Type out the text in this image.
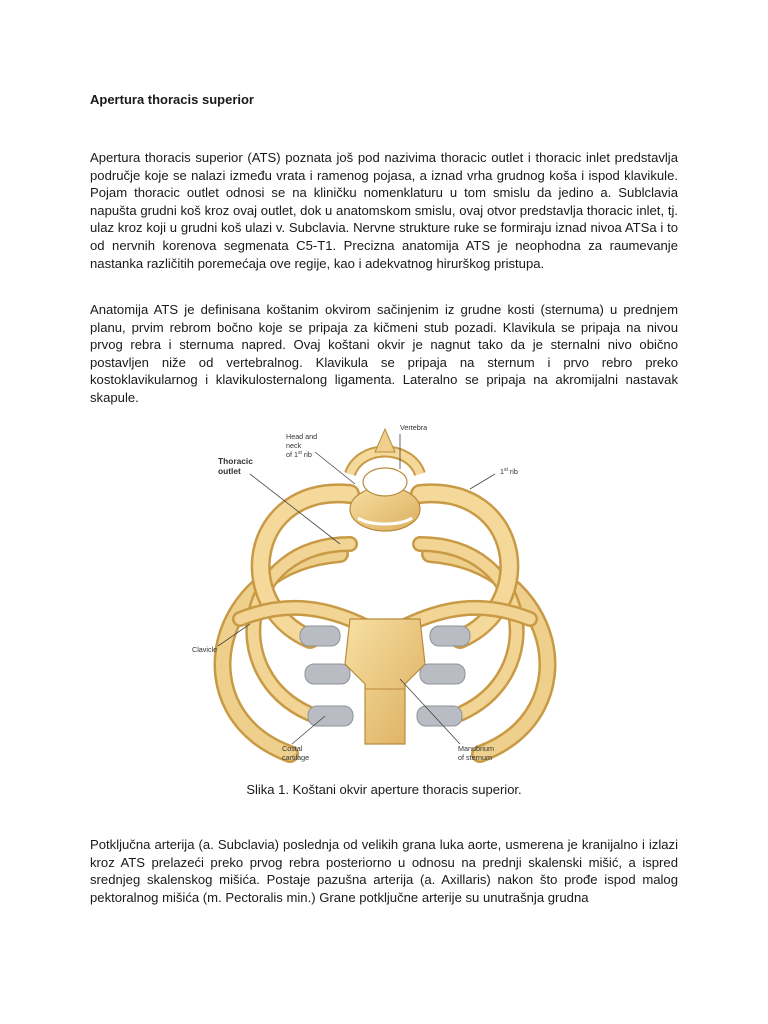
Apertura thoracis superior

Apertura thoracis superior (ATS) poznata još pod nazivima thoracic outlet i thoracic inlet predstavlja područje koje se nalazi između vrata i ramenog pojasa, a iznad vrha grudnog koša i ispod klavikule. Pojam thoracic outlet odnosi se na kliničku nomenklaturu u tom smislu da jedino a. Sublclavia napušta grudni koš kroz ovaj outlet, dok u anatomskom smislu, ovaj otvor predstavlja thoracic inlet, tj. ulaz kroz koji u grudni koš ulazi v. Subclavia. Nervne strukture ruke se formiraju iznad nivoa ATSa i to od nervnih korenova segmenata C5-T1. Precizna anatomija ATS je neophodna za raumevanje nastanka različitih poremećaja ove regije, kao i adekvatnog hirurškog pristupa.

Anatomija ATS je definisana koštanim okvirom sačinjenim iz grudne kosti (sternuma) u prednjem planu, prvim rebrom bočno koje se pripaja za kičmeni stub pozadi. Klavikula se pripaja na nivou prvog rebra i sternuma napred. Ovaj koštani okvir je nagnut tako da je sternalni nivo obično postavljen niže od vertebralnog. Klavikula se pripaja na sternum i prvo rebro preko kostoklavikularnog i klavikulosternalong ligamenta. Lateralno se pripaja na akromijalni nastavak skapule.

Thoracic
outlet
Head and
neck
of 1st rib
Vertebra
1st rib
Clavicle
Costal
cartilage
Manubrium
of sternum

Slika 1. Koštani okvir aperture thoracis superior.

Potključna arterija (a. Subclavia) poslednja od velikih grana luka aorte, usmerena je kranijalno i izlazi kroz ATS prelazeći preko prvog rebra posteriorno u odnosu na prednji skalenski mišić, a ispred srednjeg skalenskog mišića. Postaje pazušna arterija (a. Axillaris) nakon što prođe ispod malog pektoralnog mišića (m. Pectoralis min.) Grane potključne arterije su unutrašnja grudna
